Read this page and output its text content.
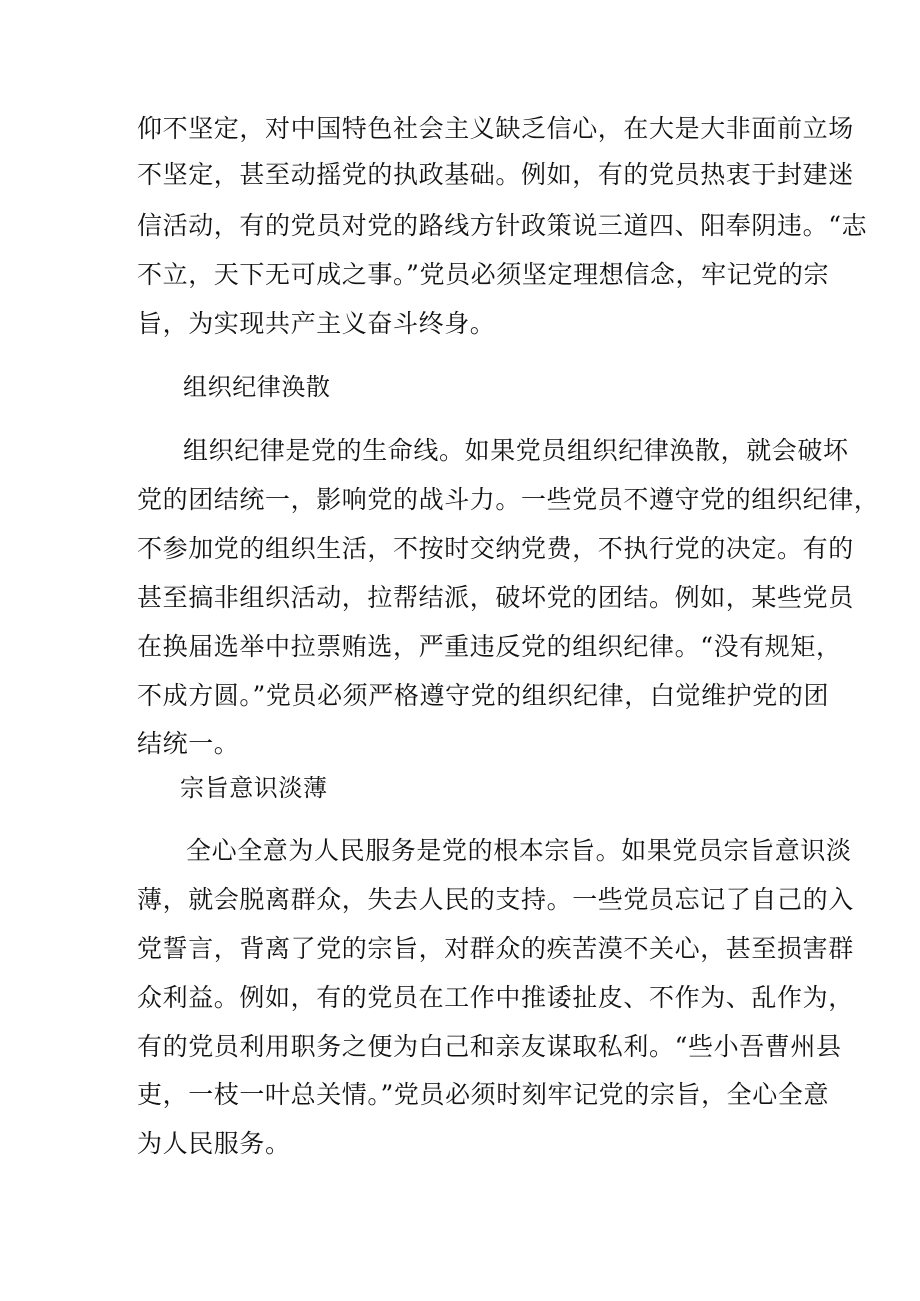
仰不坚定，对中国特色社会主义缺乏信心，在大是大非面前立场
不坚定，甚至动摇党的执政基础。例如，有的党员热衷于封建迷
信活动，有的党员对党的路线方针政策说三道四、阳奉阴违。“志
不立，天下无可成之事。”党员必须坚定理想信念，牢记党的宗
旨，为实现共产主义奋斗终身。
组织纪律涣散
组织纪律是党的生命线。如果党员组织纪律涣散，就会破坏
党的团结统一，影响党的战斗力。一些党员不遵守党的组织纪律，
不参加党的组织生活，不按时交纳党费，不执行党的决定。有的
甚至搞非组织活动，拉帮结派，破坏党的团结。例如，某些党员
在换届选举中拉票贿选，严重违反党的组织纪律。“没有规矩，
不成方圆。”党员必须严格遵守党的组织纪律，白觉维护党的团
结统一。
宗旨意识淡薄
全心全意为人民服务是党的根本宗旨。如果党员宗旨意识淡
薄，就会脱离群众，失去人民的支持。一些党员忘记了自己的入
党誓言，背离了党的宗旨，对群众的疾苦漠不关心，甚至损害群
众利益。例如，有的党员在工作中推诿扯皮、不作为、乱作为，
有的党员利用职务之便为白己和亲友谋取私利。“些小吾曹州县
吏，一枝一叶总关情。”党员必须时刻牢记党的宗旨，全心全意
为人民服务。
